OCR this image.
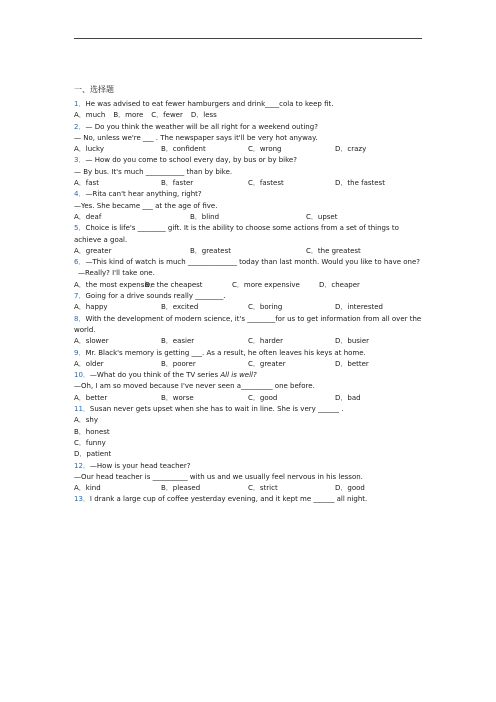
一、选择题
1．He was advised to eat fewer hamburgers and drink____cola to keep fit.
A．much B．more C．fewer D．less
2．— Do you think the weather will be all right for a weekend outing?
— No, unless we're ___ . The newspaper says it'll be very hot anyway.
A．lucky	B．confident	C．wrong	D．crazy
3．— How do you come to school every day, by bus or by bike?
— By bus. It's much ___________ than by bike.
A．fast	B．faster	C．fastest	D．the fastest
4．—Rita can't hear anything, right?
—Yes. She became ___ at the age of five.
A．deaf	B．blind	C．upset
5．Choice is life's ________ gift. It is the ability to choose some actions from a set of things to achieve a goal.
A．greater	B．greatest	C．the greatest
6．—This kind of watch is much ______________ today than last month. Would you like to have one?
—Really? I'll take one.
A．the most expensive
B．the cheapest	C．more expensive	D．cheaper
7．Going for a drive sounds really ________.
A．happy	B．excited	C．boring	D．interested
8．With the development of modern science, it's ________for us to get information from all over the world.
A．slower	B．easier	C．harder	D．busier
9．Mr. Black's memory is getting ___. As a result, he often leaves his keys at home.
A．older	B．poorer	C．greater	D．better
10．—What do you think of the TV series All is well?
—Oh, I am so moved because I've never seen a_________ one before.
A．better	B．worse	C．good	D．bad
11．Susan never gets upset when she has to wait in line. She is very ______ .
A．shy
B．honest
C．funny
D．patient
12．—How is your head teacher?
—Our head teacher is __________ with us and we usually feel nervous in his lesson.
A．kind	B．pleased	C．strict	D．good
13．I drank a large cup of coffee yesterday evening, and it kept me ______ all night.
